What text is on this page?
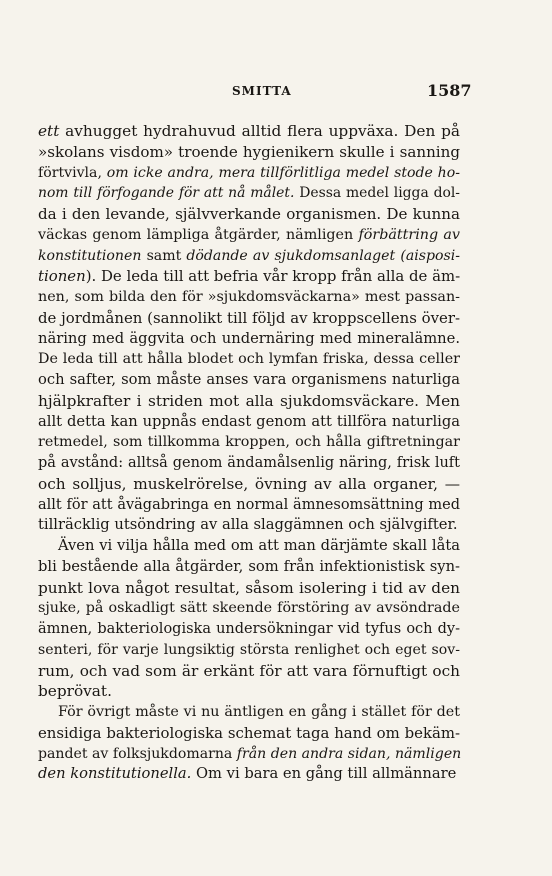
SMITTA	1587
ett avhugget hydrahuvud alltid flera uppväxa. Den på
»skolans visdom» troende hygienikern skulle i sanning
förtvivla, om icke andra, mera tillförlitliga medel stode ho-
nom till förfogande för att nå målet. Dessa medel ligga dol-
da i den levande, självverkande organismen. De kunna
väckas genom lämpliga åtgärder, nämligen förbättring av
konstitutionen samt dödande av sjukdomsanlaget (aisposi-
tionen). De leda till att befria vår kropp från alla de äm-
nen, som bilda den för »sjukdomsväckarna» mest passan-
de jordmånen (sannolikt till följd av kroppscellens över-
näring med äggvita och undernäring med mineralämne.
De leda till att hålla blodet och lymfan friska, dessa celler
och safter, som måste anses vara organismens naturliga
hjälpkrafter i striden mot alla sjukdomsväckare. Men
allt detta kan uppnås endast genom att tillföra naturliga
retmedel, som tillkomma kroppen, och hålla giftretningar
på avstånd: alltså genom ändamålsenlig näring, frisk luft
och solljus, muskelrörelse, övning av alla organer, —
allt för att åvägabringa en normal ämnesomsättning med
tillräcklig utsöndring av alla slaggämnen och självgifter.
Även vi vilja hålla med om att man därjämte skall låta
bli bestående alla åtgärder, som från infektionistisk syn-
punkt lova något resultat, såsom isolering i tid av den
sjuke, på oskadligt sätt skeende förstöring av avsöndrade
ämnen, bakteriologiska undersökningar vid tyfus och dy-
senteri, för varje lungsiktig största renlighet och eget sov-
rum, och vad som är erkänt för att vara förnuftigt och
beprövat.
För övrigt måste vi nu äntligen en gång i stället för det
ensidiga bakteriologiska schemat taga hand om bekäm-
pandet av folksjukdomarna från den andra sidan, nämligen
den konstitutionella. Om vi bara en gång till allmännare
